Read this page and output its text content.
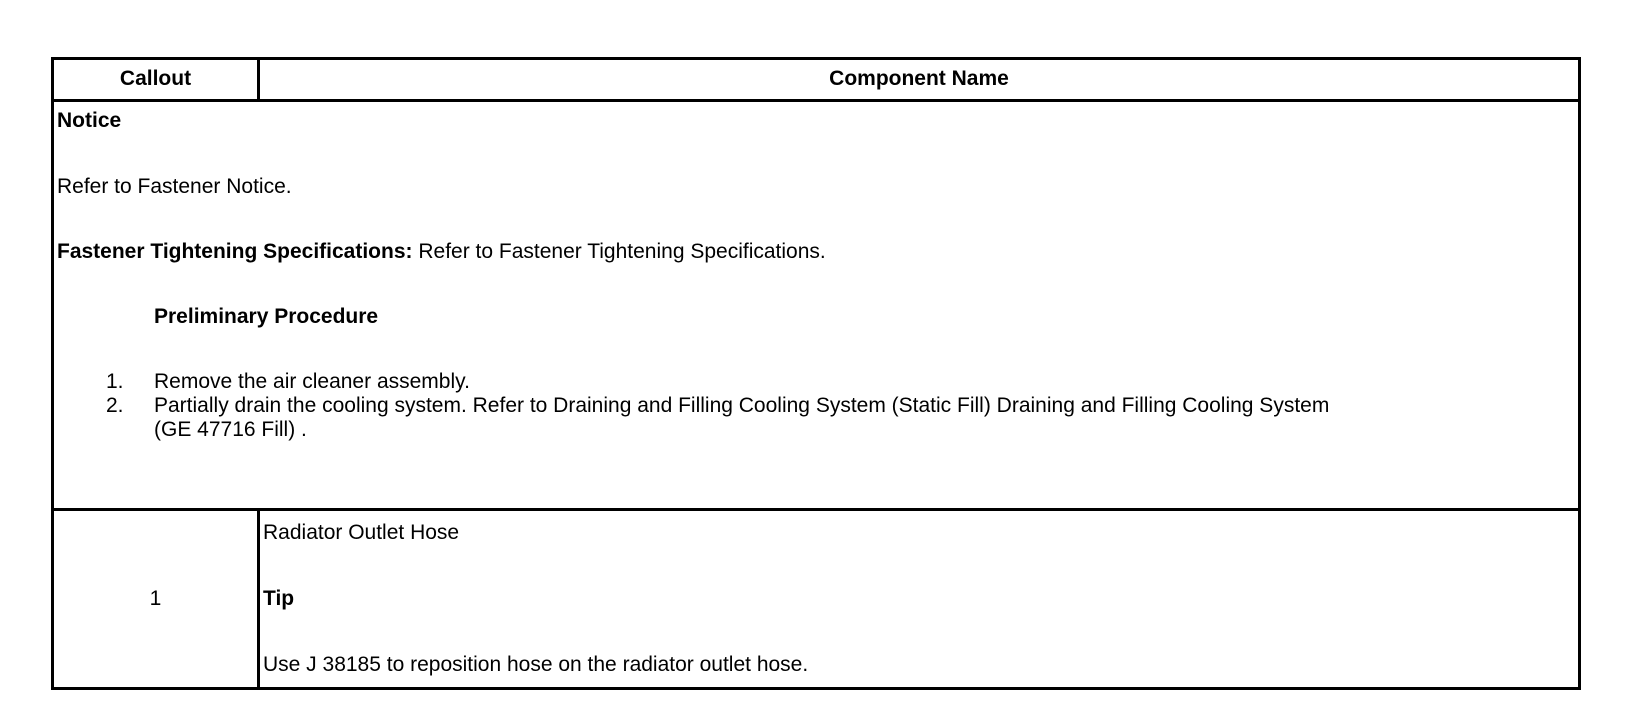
Callout	Component Name
Notice
Refer to Fastener Notice.
Fastener Tightening Specifications: Refer to Fastener Tightening Specifications.
Preliminary Procedure
1. Remove the air cleaner assembly.
2. Partially drain the cooling system. Refer to Draining and Filling Cooling System (Static Fill) Draining and Filling Cooling System
(GE 47716 Fill) .
1
Radiator Outlet Hose
Tip
Use J 38185 to reposition hose on the radiator outlet hose.
